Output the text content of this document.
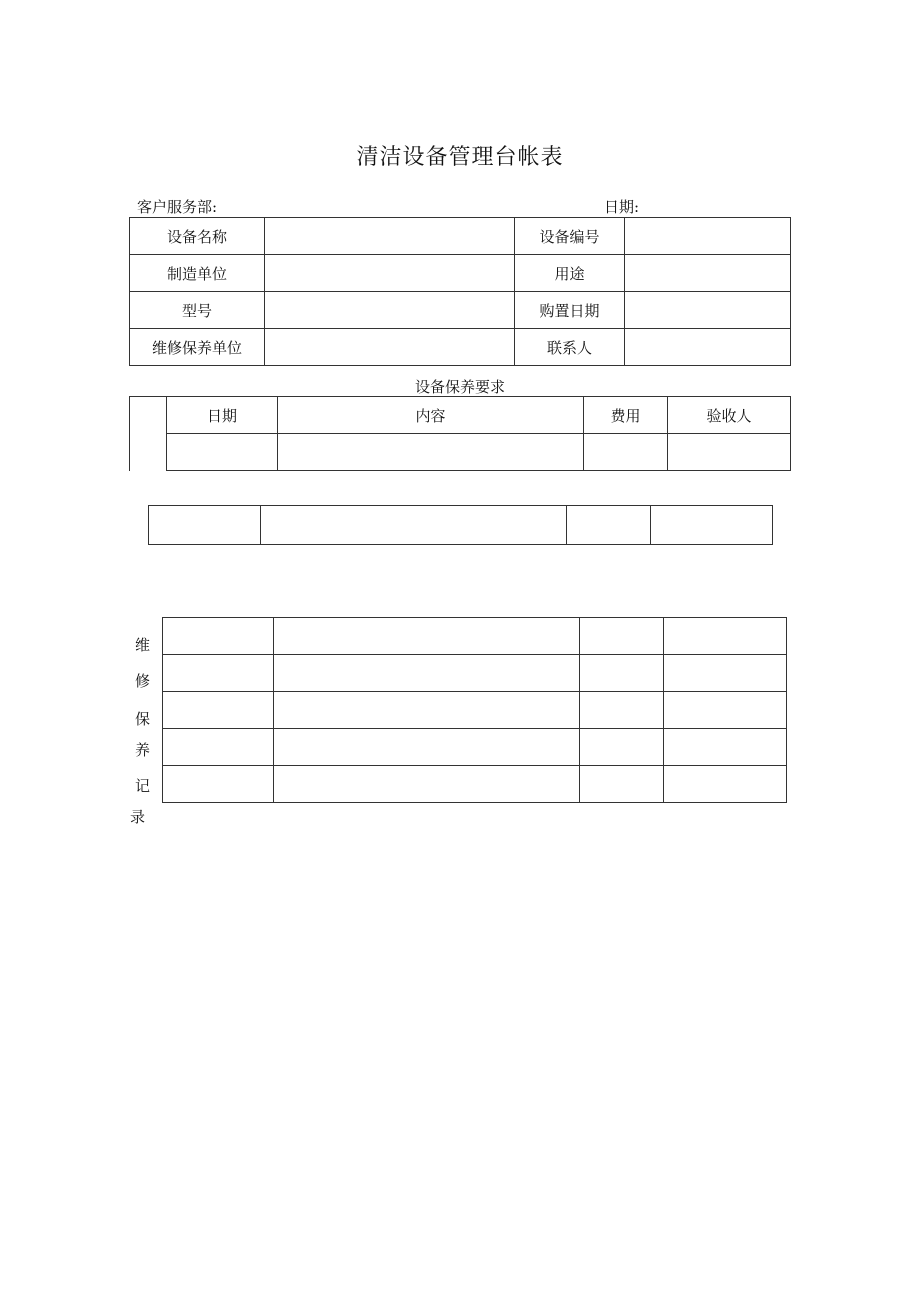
清洁设备管理台帐表
客户服务部:	日期:
设备名称		设备编号	
制造单位		用途	
型号		购置日期	
维修保养单位		联系人	
设备保养要求
	日期	内容	费用	验收人

维
修
保
养
记
录
